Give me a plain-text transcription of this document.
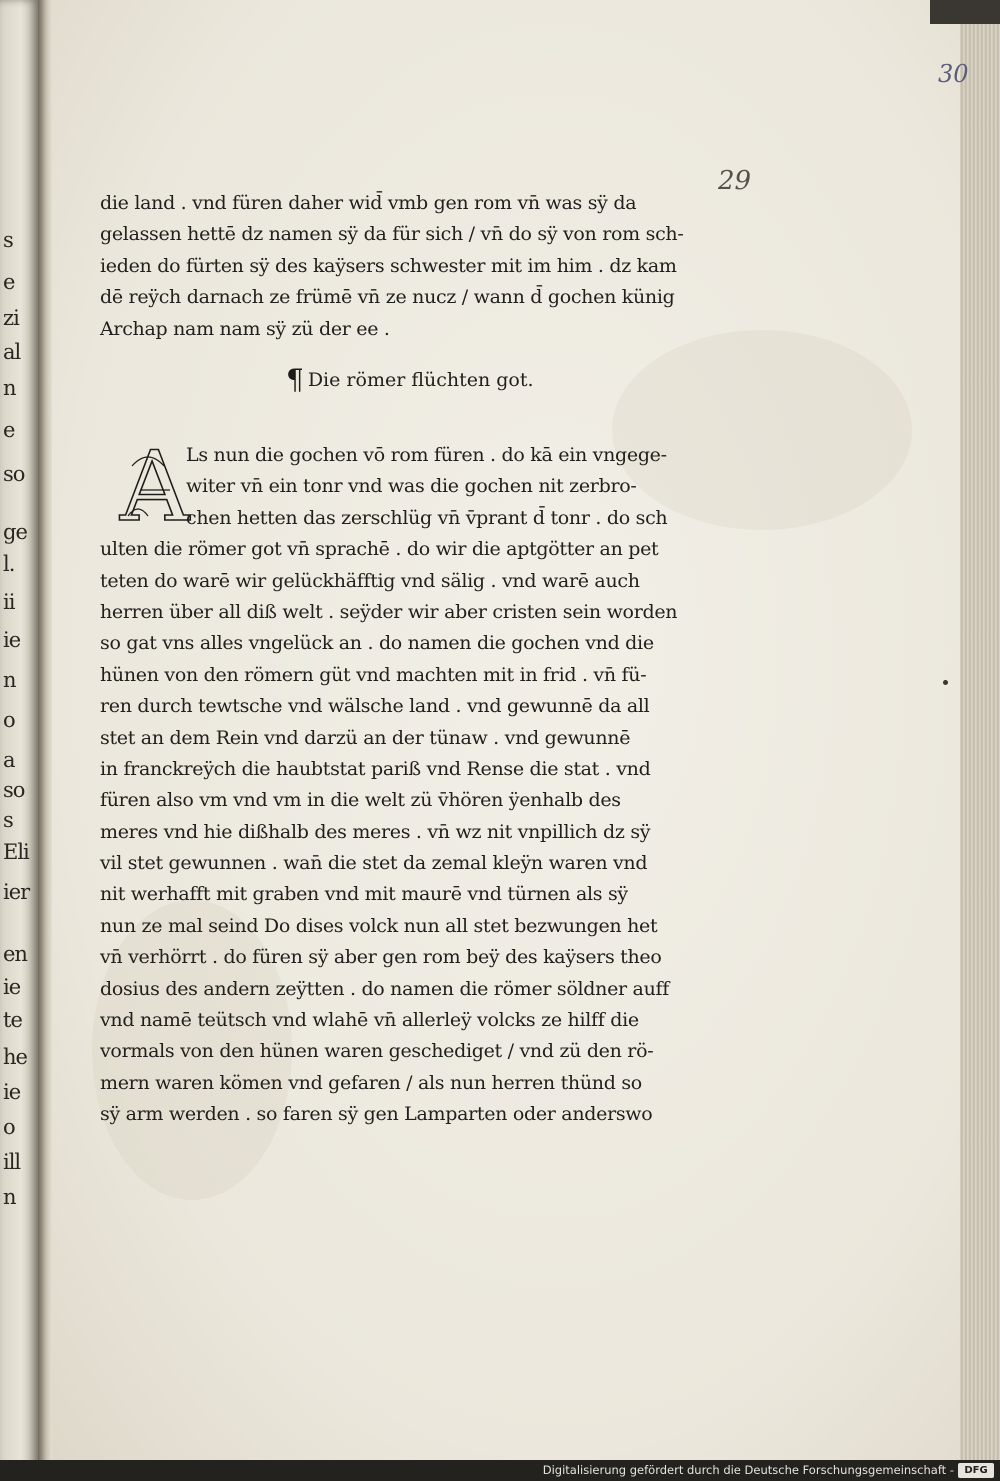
s
e
zi
al
n
e
so
ge
l.
ii
ie
n
o
a
so
s
Eli
ier
en
ie
te
he
ie
o
ill
n
30
29
die land . vnd füren daher wid̄ vmb gen rom vn̄ was sÿ da
gelassen hettē dz namen sÿ da für sich / vn̄ do sÿ von rom sch-
ieden do fürten sÿ des kaÿsers schwester mit im him . dz kam
dē reÿch darnach ze frümē vn̄ ze nucz / wann d̄ gochen künig
Archap nam nam sÿ zü der ee .
¶ Die römer flüchten got.
A
Ls nun die gochen vō rom füren . do kā ein vngege-
witer vn̄ ein tonr vnd was die gochen nit zerbro-
chen hetten das zerschlüg vn̄ v̄prant d̄ tonr . do sch
ulten die römer got vn̄ sprachē . do wir die aptgötter an pet
teten do warē wir gelückhäfftig vnd sälig . vnd warē auch
herren über all diß welt . seÿder wir aber cristen sein worden
so gat vns alles vngelück an . do namen die gochen vnd die
hünen von den römern güt vnd machten mit in frid . vn̄ fü-
ren durch tewtsche vnd wälsche land . vnd gewunnē da all
stet an dem Rein vnd darzü an der tünaw . vnd gewunnē
in franckreÿch die haubtstat pariß vnd Rense die stat . vnd
füren also vm vnd vm in die welt zü v̄hören ÿenhalb des
meres vnd hie dißhalb des meres . vn̄ wz nit vnpillich dz sÿ
vil stet gewunnen . wan̄ die stet da zemal kleÿn waren vnd
nit werhafft mit graben vnd mit maurē vnd türnen als sÿ
nun ze mal seind Do dises volck nun all stet bezwungen het
vn̄ verhörrt . do füren sÿ aber gen rom beÿ des kaÿsers theo
dosius des andern zeÿtten . do namen die römer söldner auff
vnd namē teütsch vnd wlahē vn̄ allerleÿ volcks ze hilff die
vormals von den hünen waren geschediget / vnd zü den rö-
mern waren kömen vnd gefaren / als nun herren thünd so
sÿ arm werden . so faren sÿ gen Lamparten oder anderswo
Digitalisierung gefördert durch die Deutsche Forschungsgemeinschaft -	DFG
